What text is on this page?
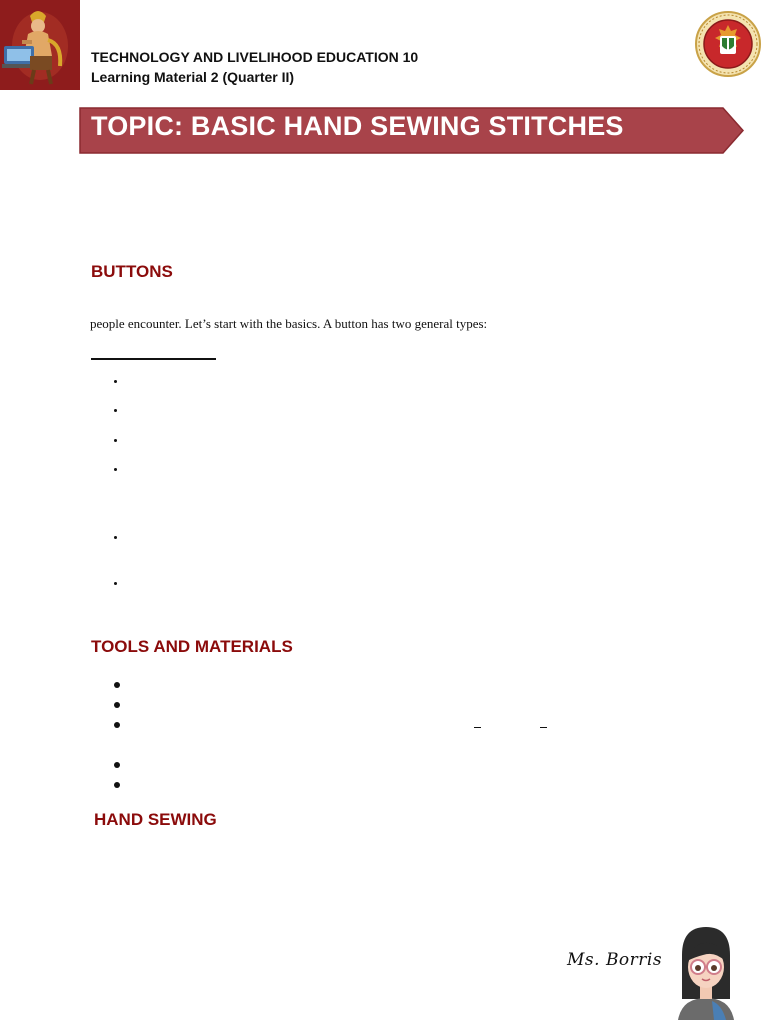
TECHNOLOGY AND LIVELIHOOD EDUCATION 10
Learning Material 2 (Quarter II)
TOPIC: BASIC HAND SEWING STITCHES
BUTTONS
people encounter. Let’s start with the basics. A button has two general types:
TOOLS AND MATERIALS
HAND SEWING
Ms. Borris
